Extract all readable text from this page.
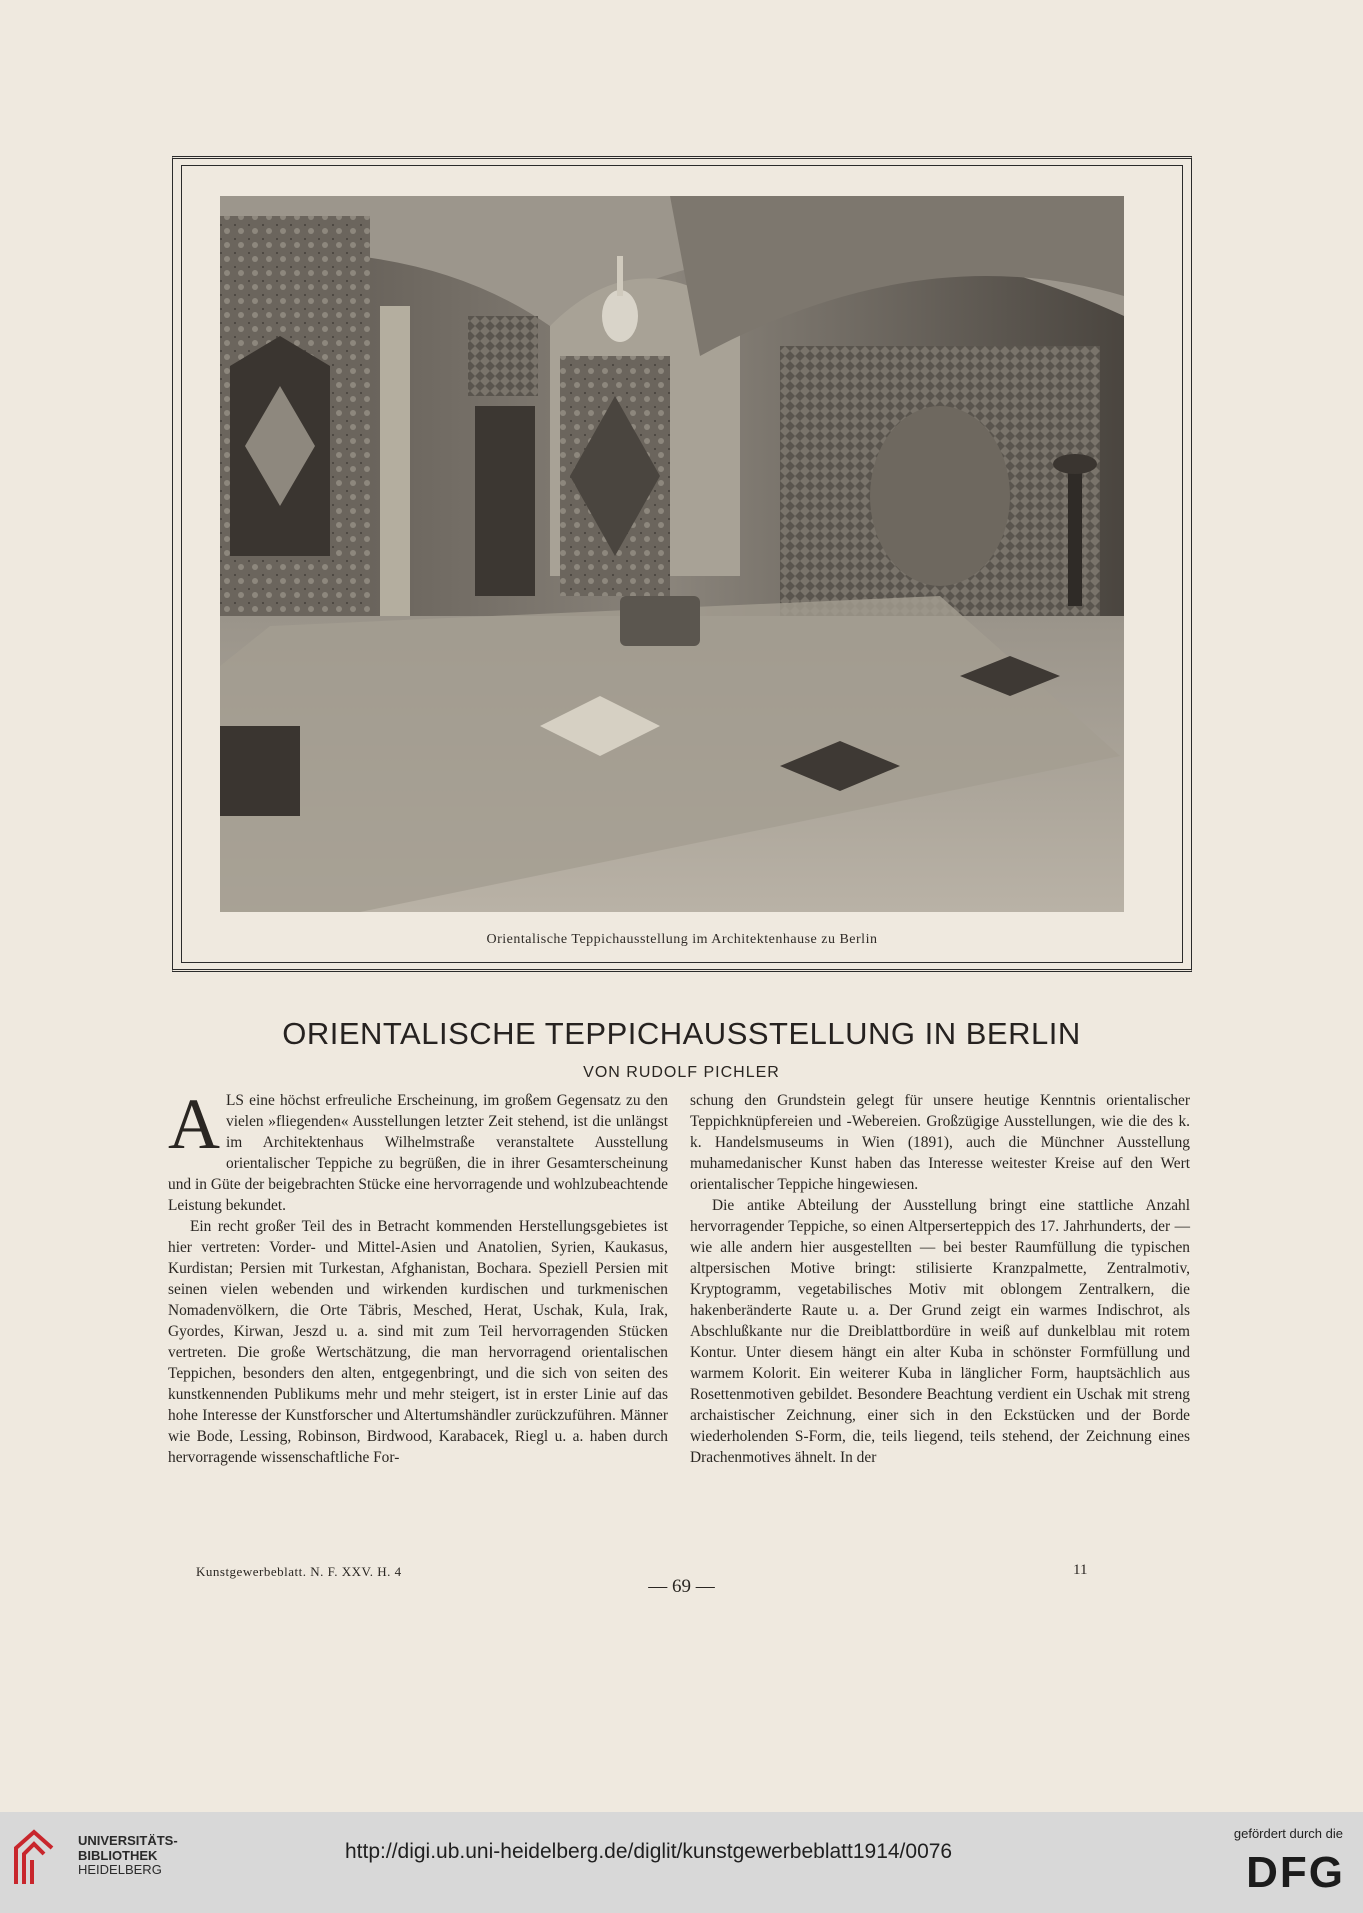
Orientalische Teppichausstellung im Architektenhause zu Berlin
ORIENTALISCHE TEPPICHAUSSTELLUNG IN BERLIN
VON RUDOLF PICHLER

ALS eine höchst erfreuliche Erscheinung, im großem Gegensatz zu den vielen »fliegenden« Ausstellungen letzter Zeit stehend, ist die unlängst im Architektenhaus Wilhelmstraße veranstaltete Ausstellung orientalischer Teppiche zu begrüßen, die in ihrer Gesamterscheinung und in Güte der beigebrachten Stücke eine hervorragende und wohlzubeachtende Leistung bekundet.

Ein recht großer Teil des in Betracht kommenden Herstellungsgebietes ist hier vertreten: Vorder- und Mittel-Asien und Anatolien, Syrien, Kaukasus, Kurdistan; Persien mit Turkestan, Afghanistan, Bochara. Speziell Persien mit seinen vielen webenden und wirkenden kurdischen und turkmenischen Nomadenvölkern, die Orte Täbris, Mesched, Herat, Uschak, Kula, Irak, Gyordes, Kirwan, Jeszd u. a. sind mit zum Teil hervorragenden Stücken vertreten. Die große Wertschätzung, die man hervorragend orientalischen Teppichen, besonders den alten, entgegenbringt, und die sich von seiten des kunstkennenden Publikums mehr und mehr steigert, ist in erster Linie auf das hohe Interesse der Kunstforscher und Altertumshändler zurückzuführen. Männer wie Bode, Lessing, Robinson, Birdwood, Karabacek, Riegl u. a. haben durch hervorragende wissenschaftliche For-

schung den Grundstein gelegt für unsere heutige Kenntnis orientalischer Teppichknüpfereien und -Webereien. Großzügige Ausstellungen, wie die des k. k. Handelsmuseums in Wien (1891), auch die Münchner Ausstellung muhamedanischer Kunst haben das Interesse weitester Kreise auf den Wert orientalischer Teppiche hingewiesen.

Die antike Abteilung der Ausstellung bringt eine stattliche Anzahl hervorragender Teppiche, so einen Altperserteppich des 17. Jahrhunderts, der — wie alle andern hier ausgestellten — bei bester Raumfüllung die typischen altpersischen Motive bringt: stilisierte Kranzpalmette, Zentralmotiv, Kryptogramm, vegetabilisches Motiv mit oblongem Zentralkern, die hakenberänderte Raute u. a. Der Grund zeigt ein warmes Indischrot, als Abschlußkante nur die Dreiblattbordüre in weiß auf dunkelblau mit rotem Kontur. Unter diesem hängt ein alter Kuba in schönster Formfüllung und warmem Kolorit. Ein weiterer Kuba in länglicher Form, hauptsächlich aus Rosettenmotiven gebildet. Besondere Beachtung verdient ein Uschak mit streng archaistischer Zeichnung, einer sich in den Eckstücken und der Borde wiederholenden S-Form, die, teils liegend, teils stehend, der Zeichnung eines Drachenmotives ähnelt. In der

Kunstgewerbeblatt. N. F. XXV. H. 4	11
— 69 —
UNIVERSITÄTS-
BIBLIOTHEK
HEIDELBERG
http://digi.ub.uni-heidelberg.de/diglit/kunstgewerbeblatt1914/0076
gefördert durch die
DFG
